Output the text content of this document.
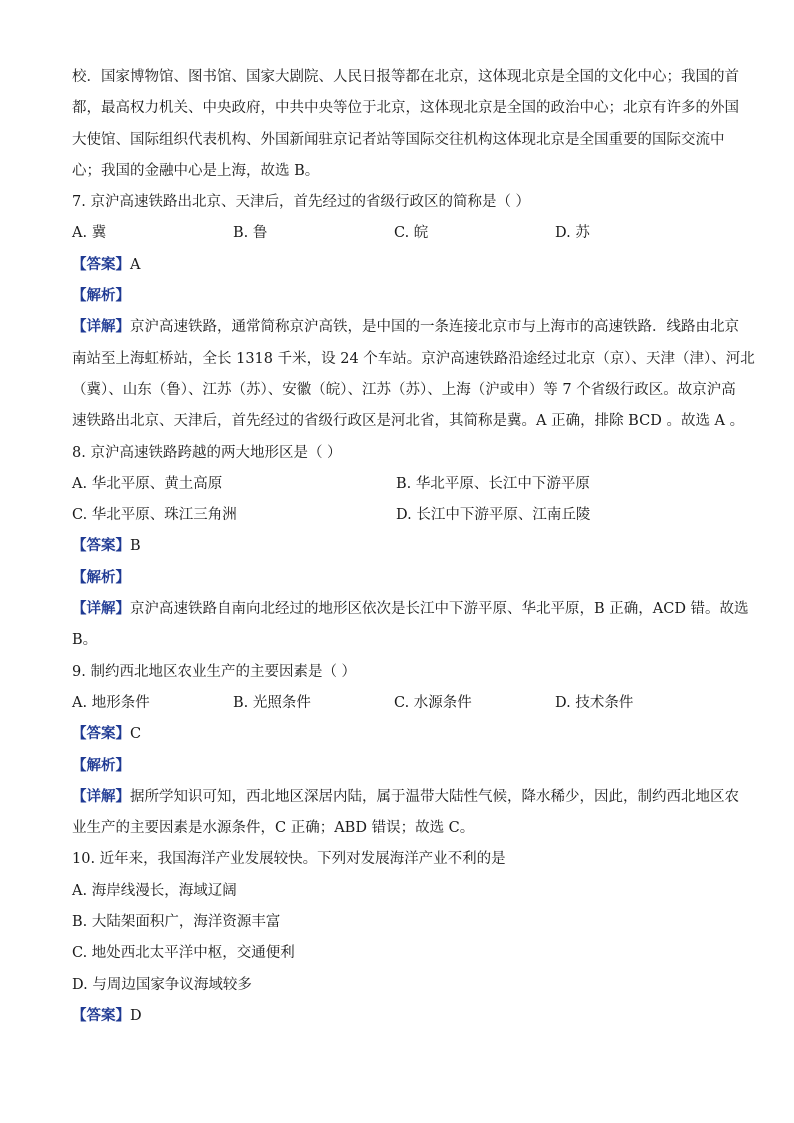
校．国家博物馆、图书馆、国家大剧院、人民日报等都在北京，这体现北京是全国的文化中心；我国的首
都，最高权力机关、中央政府，中共中央等位于北京，这体现北京是全国的政治中心；北京有许多的外国
大使馆、国际组织代表机构、外国新闻驻京记者站等国际交往机构这体现北京是全国重要的国际交流中
心；我国的金融中心是上海，故选 B。
7. 京沪高速铁路出北京、天津后，首先经过的省级行政区的简称是（ ）
A. 冀	B. 鲁	C. 皖	D. 苏
【答案】A
【解析】
【详解】京沪高速铁路，通常简称京沪高铁，是中国的一条连接北京市与上海市的高速铁路．线路由北京
南站至上海虹桥站，全长 1318 千米，设 24 个车站。京沪高速铁路沿途经过北京（京）、天津（津）、河北
（冀）、山东（鲁）、江苏（苏）、安徽（皖）、江苏（苏）、上海（沪或申）等 7 个省级行政区。故京沪高
速铁路出北京、天津后，首先经过的省级行政区是河北省，其简称是冀。A 正确，排除 BCD 。故选 A 。
8. 京沪高速铁路跨越的两大地形区是（ ）
A. 华北平原、黄土高原	B. 华北平原、长江中下游平原
C. 华北平原、珠江三角洲	D. 长江中下游平原、江南丘陵
【答案】B
【解析】
【详解】京沪高速铁路自南向北经过的地形区依次是长江中下游平原、华北平原，B 正确，ACD 错。故选
B。
9. 制约西北地区农业生产的主要因素是（ ）
A. 地形条件	B. 光照条件	C. 水源条件	D. 技术条件
【答案】C
【解析】
【详解】据所学知识可知，西北地区深居内陆，属于温带大陆性气候，降水稀少，因此，制约西北地区农
业生产的主要因素是水源条件，C 正确；ABD 错误；故选 C。
10. 近年来，我国海洋产业发展较快。下列对发展海洋产业不利的是
A. 海岸线漫长，海域辽阔
B. 大陆架面积广，海洋资源丰富
C. 地处西北太平洋中枢，交通便利
D. 与周边国家争议海域较多
【答案】D
